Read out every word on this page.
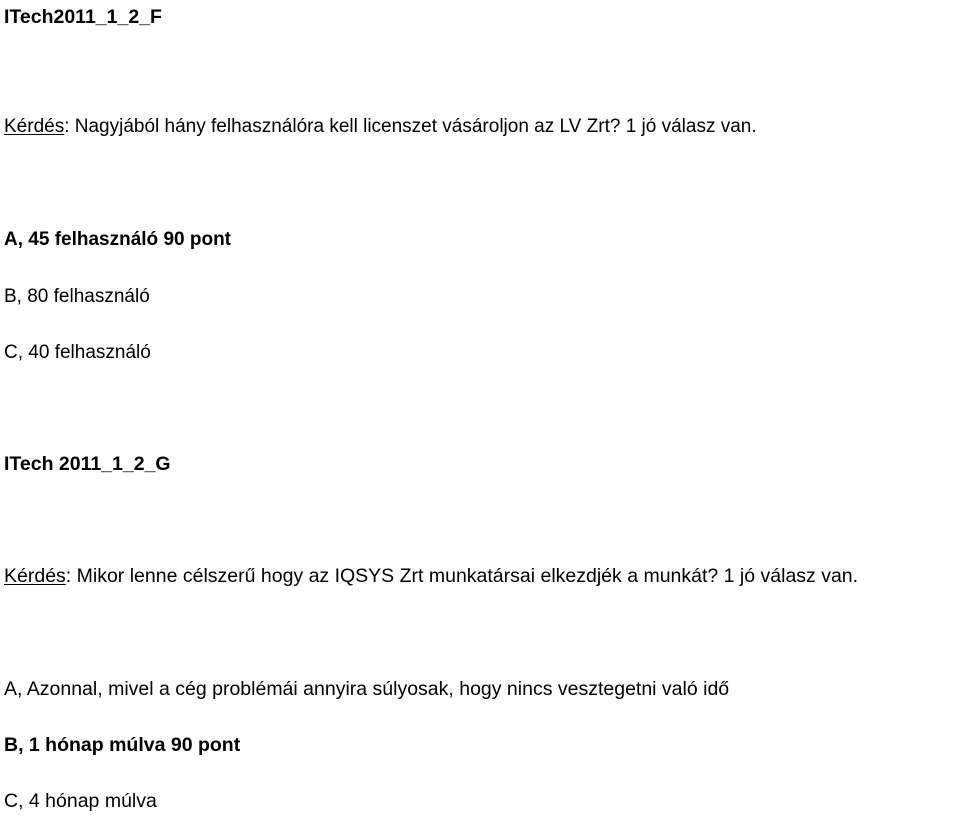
ITech2011_1_2_F
Kérdés: Nagyjából hány felhasználóra kell licenszet vásároljon az LV Zrt? 1 jó válasz van.
A, 45 felhasználó 90 pont
B, 80 felhasználó
C, 40 felhasználó
ITech 2011_1_2_G
Kérdés: Mikor lenne célszerű hogy az IQSYS Zrt munkatársai elkezdjék a munkát? 1 jó válasz van.
A, Azonnal, mivel a cég problémái annyira súlyosak, hogy nincs vesztegetni való idő
B, 1 hónap múlva 90 pont
C, 4 hónap múlva
